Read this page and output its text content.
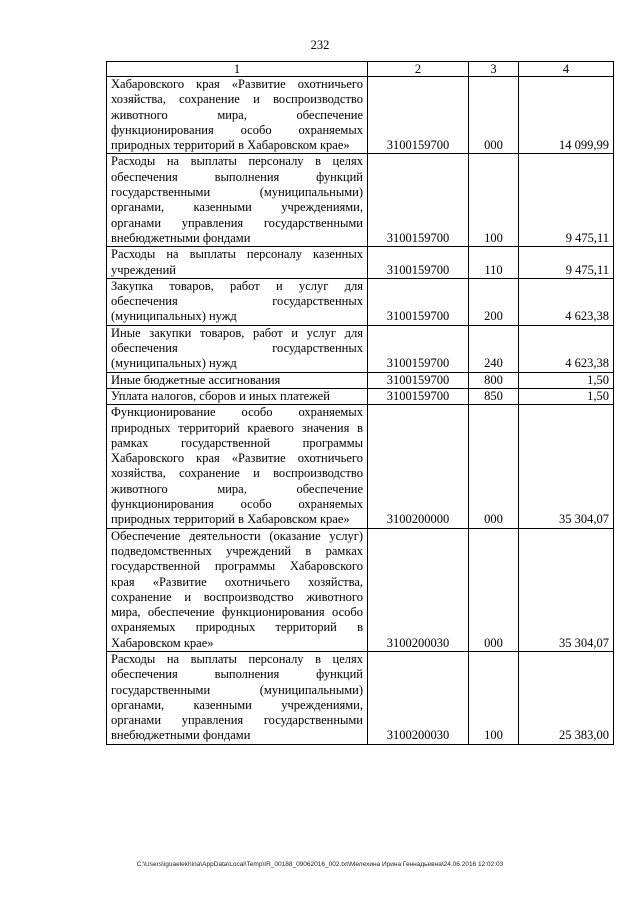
232
1	2	3	4
Хабаровского края «Развитие охотничьего хозяйства, сохранение и воспроизводство животного мира, обеспечение функционирования особо охраняемых природных территорий в Хабаровском крае»	3100159700	000	14 099,99
Расходы на выплаты персоналу в целях обеспечения выполнения функций государственными (муниципальными) органами, казенными учреждениями, органами управления государственными внебюджетными фондами	3100159700	100	9 475,11
Расходы на выплаты персоналу казенных учреждений	3100159700	110	9 475,11
Закупка товаров, работ и услуг для обеспечения государственных (муниципальных) нужд	3100159700	200	4 623,38
Иные закупки товаров, работ и услуг для обеспечения государственных (муниципальных) нужд	3100159700	240	4 623,38
Иные бюджетные ассигнования	3100159700	800	1,50
Уплата налогов, сборов и иных платежей	3100159700	850	1,50
Функционирование особо охраняемых природных территорий краевого значения в рамках государственной программы Хабаровского края «Развитие охотничьего хозяйства, сохранение и воспроизводство животного мира, обеспечение функционирования особо охраняемых природных территорий в Хабаровском крае»	3100200000	000	35 304,07
Обеспечение деятельности (оказание услуг) подведомственных учреждений в рамках государственной программы Хабаровского края «Развитие охотничьего хозяйства, сохранение и воспроизводство животного мира, обеспечение функционирования особо охраняемых природных территорий в Хабаровском крае»	3100200030	000	35 304,07
Расходы на выплаты персоналу в целях обеспечения выполнения функций государственными (муниципальными) органами, казенными учреждениями, органами управления государственными внебюджетными фондами	3100200030	100	25 383,00
C:\Users\iguaelekhina\AppData\Local\Temp\IR_00188_09062016_002.txt\Мелехина Ирина Геннадьевна\24.06.2016 12:02:03
